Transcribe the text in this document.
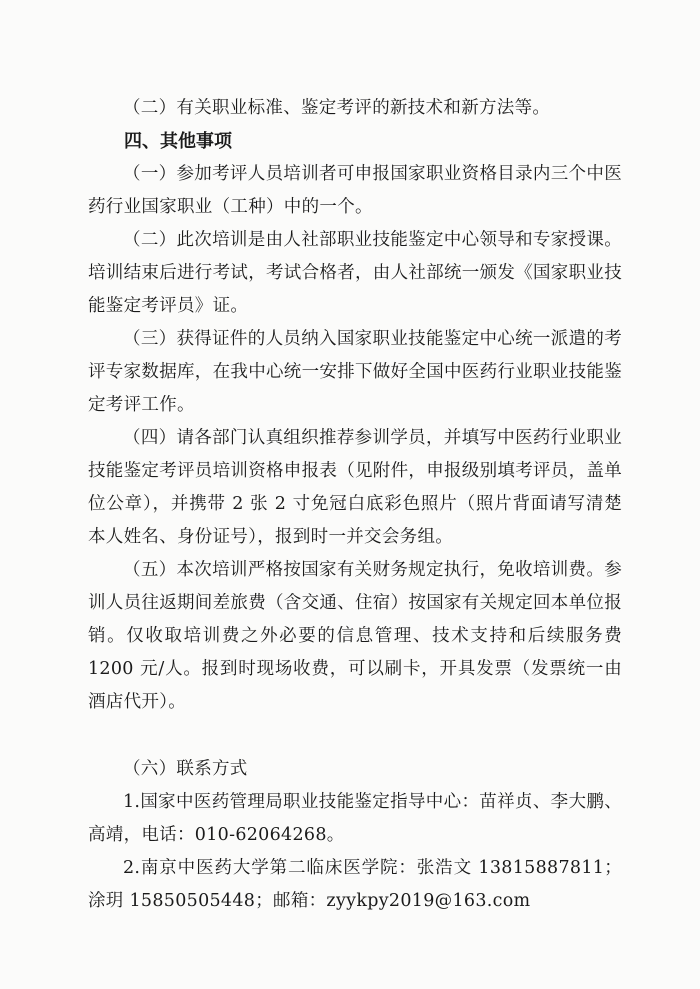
（二）有关职业标准、鉴定考评的新技术和新方法等。

四、其他事项

（一）参加考评人员培训者可申报国家职业资格目录内三个中医药行业国家职业（工种）中的一个。

（二）此次培训是由人社部职业技能鉴定中心领导和专家授课。培训结束后进行考试，考试合格者，由人社部统一颁发《国家职业技能鉴定考评员》证。

（三）获得证件的人员纳入国家职业技能鉴定中心统一派遣的考评专家数据库，在我中心统一安排下做好全国中医药行业职业技能鉴定考评工作。

（四）请各部门认真组织推荐参训学员，并填写中医药行业职业技能鉴定考评员培训资格申报表（见附件，申报级别填考评员，盖单位公章），并携带 2 张 2 寸免冠白底彩色照片（照片背面请写清楚本人姓名、身份证号），报到时一并交会务组。

（五）本次培训严格按国家有关财务规定执行，免收培训费。参训人员往返期间差旅费（含交通、住宿）按国家有关规定回本单位报销。仅收取培训费之外必要的信息管理、技术支持和后续服务费 1200 元/人。报到时现场收费，可以刷卡，开具发票（发票统一由酒店代开）。

（六）联系方式

1.国家中医药管理局职业技能鉴定指导中心：苗祥贞、李大鹏、高靖，电话：010-62064268。

2.南京中医药大学第二临床医学院：张浩文 13815887811；涂玥 15850505448；邮箱：zyykpy2019@163.com
